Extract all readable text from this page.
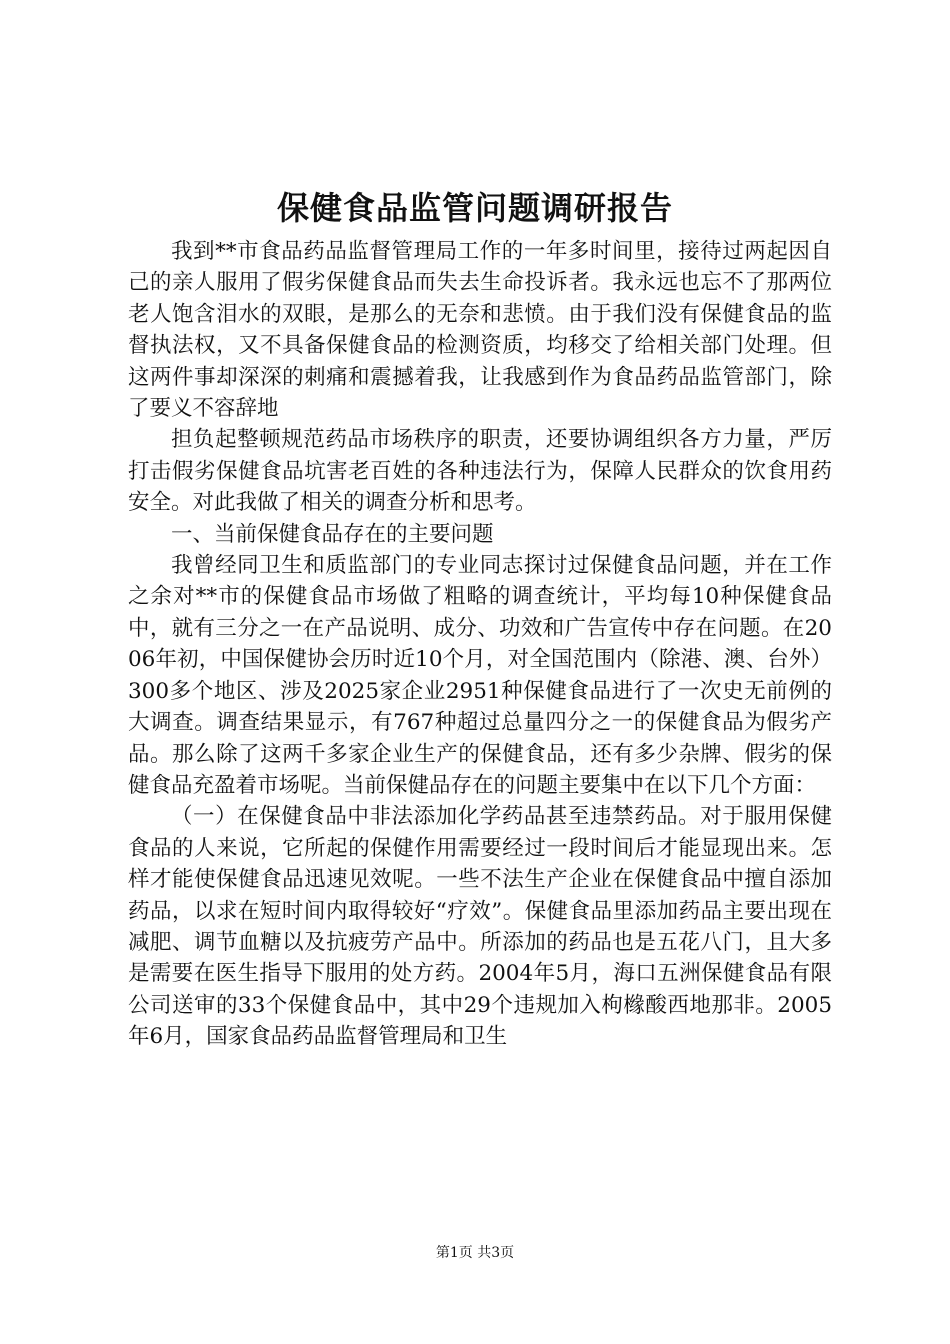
保健食品监管问题调研报告

我到**市食品药品监督管理局工作的一年多时间里，接待过两起因自己的亲人服用了假劣保健食品而失去生命投诉者。我永远也忘不了那两位老人饱含泪水的双眼，是那么的无奈和悲愤。由于我们没有保健食品的监督执法权，又不具备保健食品的检测资质，均移交了给相关部门处理。但这两件事却深深的刺痛和震撼着我，让我感到作为食品药品监管部门，除了要义不容辞地

担负起整顿规范药品市场秩序的职责，还要协调组织各方力量，严厉打击假劣保健食品坑害老百姓的各种违法行为，保障人民群众的饮食用药安全。对此我做了相关的调查分析和思考。

一、当前保健食品存在的主要问题

我曾经同卫生和质监部门的专业同志探讨过保健食品问题，并在工作之余对**市的保健食品市场做了粗略的调查统计，平均每10种保健食品中，就有三分之一在产品说明、成分、功效和广告宣传中存在问题。在2006年初，中国保健协会历时近10个月，对全国范围内（除港、澳、台外）300多个地区、涉及2025家企业2951种保健食品进行了一次史无前例的大调查。调查结果显示，有767种超过总量四分之一的保健食品为假劣产品。那么除了这两千多家企业生产的保健食品，还有多少杂牌、假劣的保健食品充盈着市场呢。当前保健品存在的问题主要集中在以下几个方面：

（一）在保健食品中非法添加化学药品甚至违禁药品。对于服用保健食品的人来说，它所起的保健作用需要经过一段时间后才能显现出来。怎样才能使保健食品迅速见效呢。一些不法生产企业在保健食品中擅自添加药品，以求在短时间内取得较好“疗效”。保健食品里添加药品主要出现在减肥、调节血糖以及抗疲劳产品中。所添加的药品也是五花八门，且大多是需要在医生指导下服用的处方药。2004年5月，海口五洲保健食品有限公司送审的33个保健食品中，其中29个违规加入枸橼酸西地那非。2005年6月，国家食品药品监督管理局和卫生

第1页 共3页
